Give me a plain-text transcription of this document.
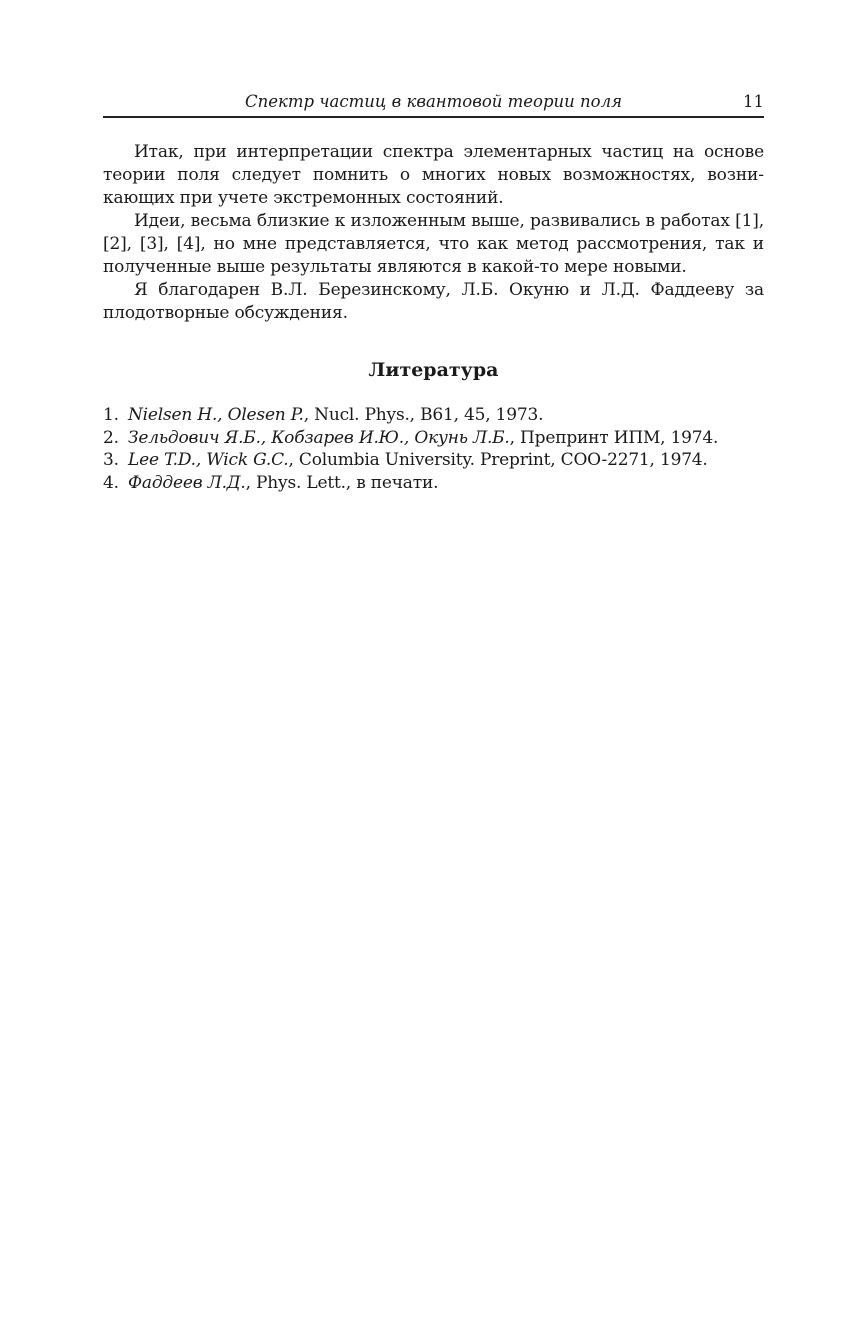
Спектр частиц в квантовой теории поля	11

Итак, при интерпретации спектра элементарных частиц на основе теории поля следует помнить о многих новых возможностях, возникающих при учете экстремонных состояний.

Идеи, весьма близкие к изложенным выше, развивались в работах [1], [2], [3], [4], но мне представляется, что как метод рассмотрения, так и полученные выше результаты являются в какой-то мере новыми.

Я благодарен В.Л. Березинскому, Л.Б. Окуню и Л.Д. Фаддееву за плодотворные обсуждения.

Литература
1. Nielsen H., Olesen P., Nucl. Phys., B61, 45, 1973.
2. Зельдович Я.Б., Кобзарев И.Ю., Окунь Л.Б., Препринт ИПМ, 1974.
3. Lee T.D., Wick G.C., Columbia University. Preprint, COO-2271, 1974.
4. Фаддеев Л.Д., Phys. Lett., в печати.
